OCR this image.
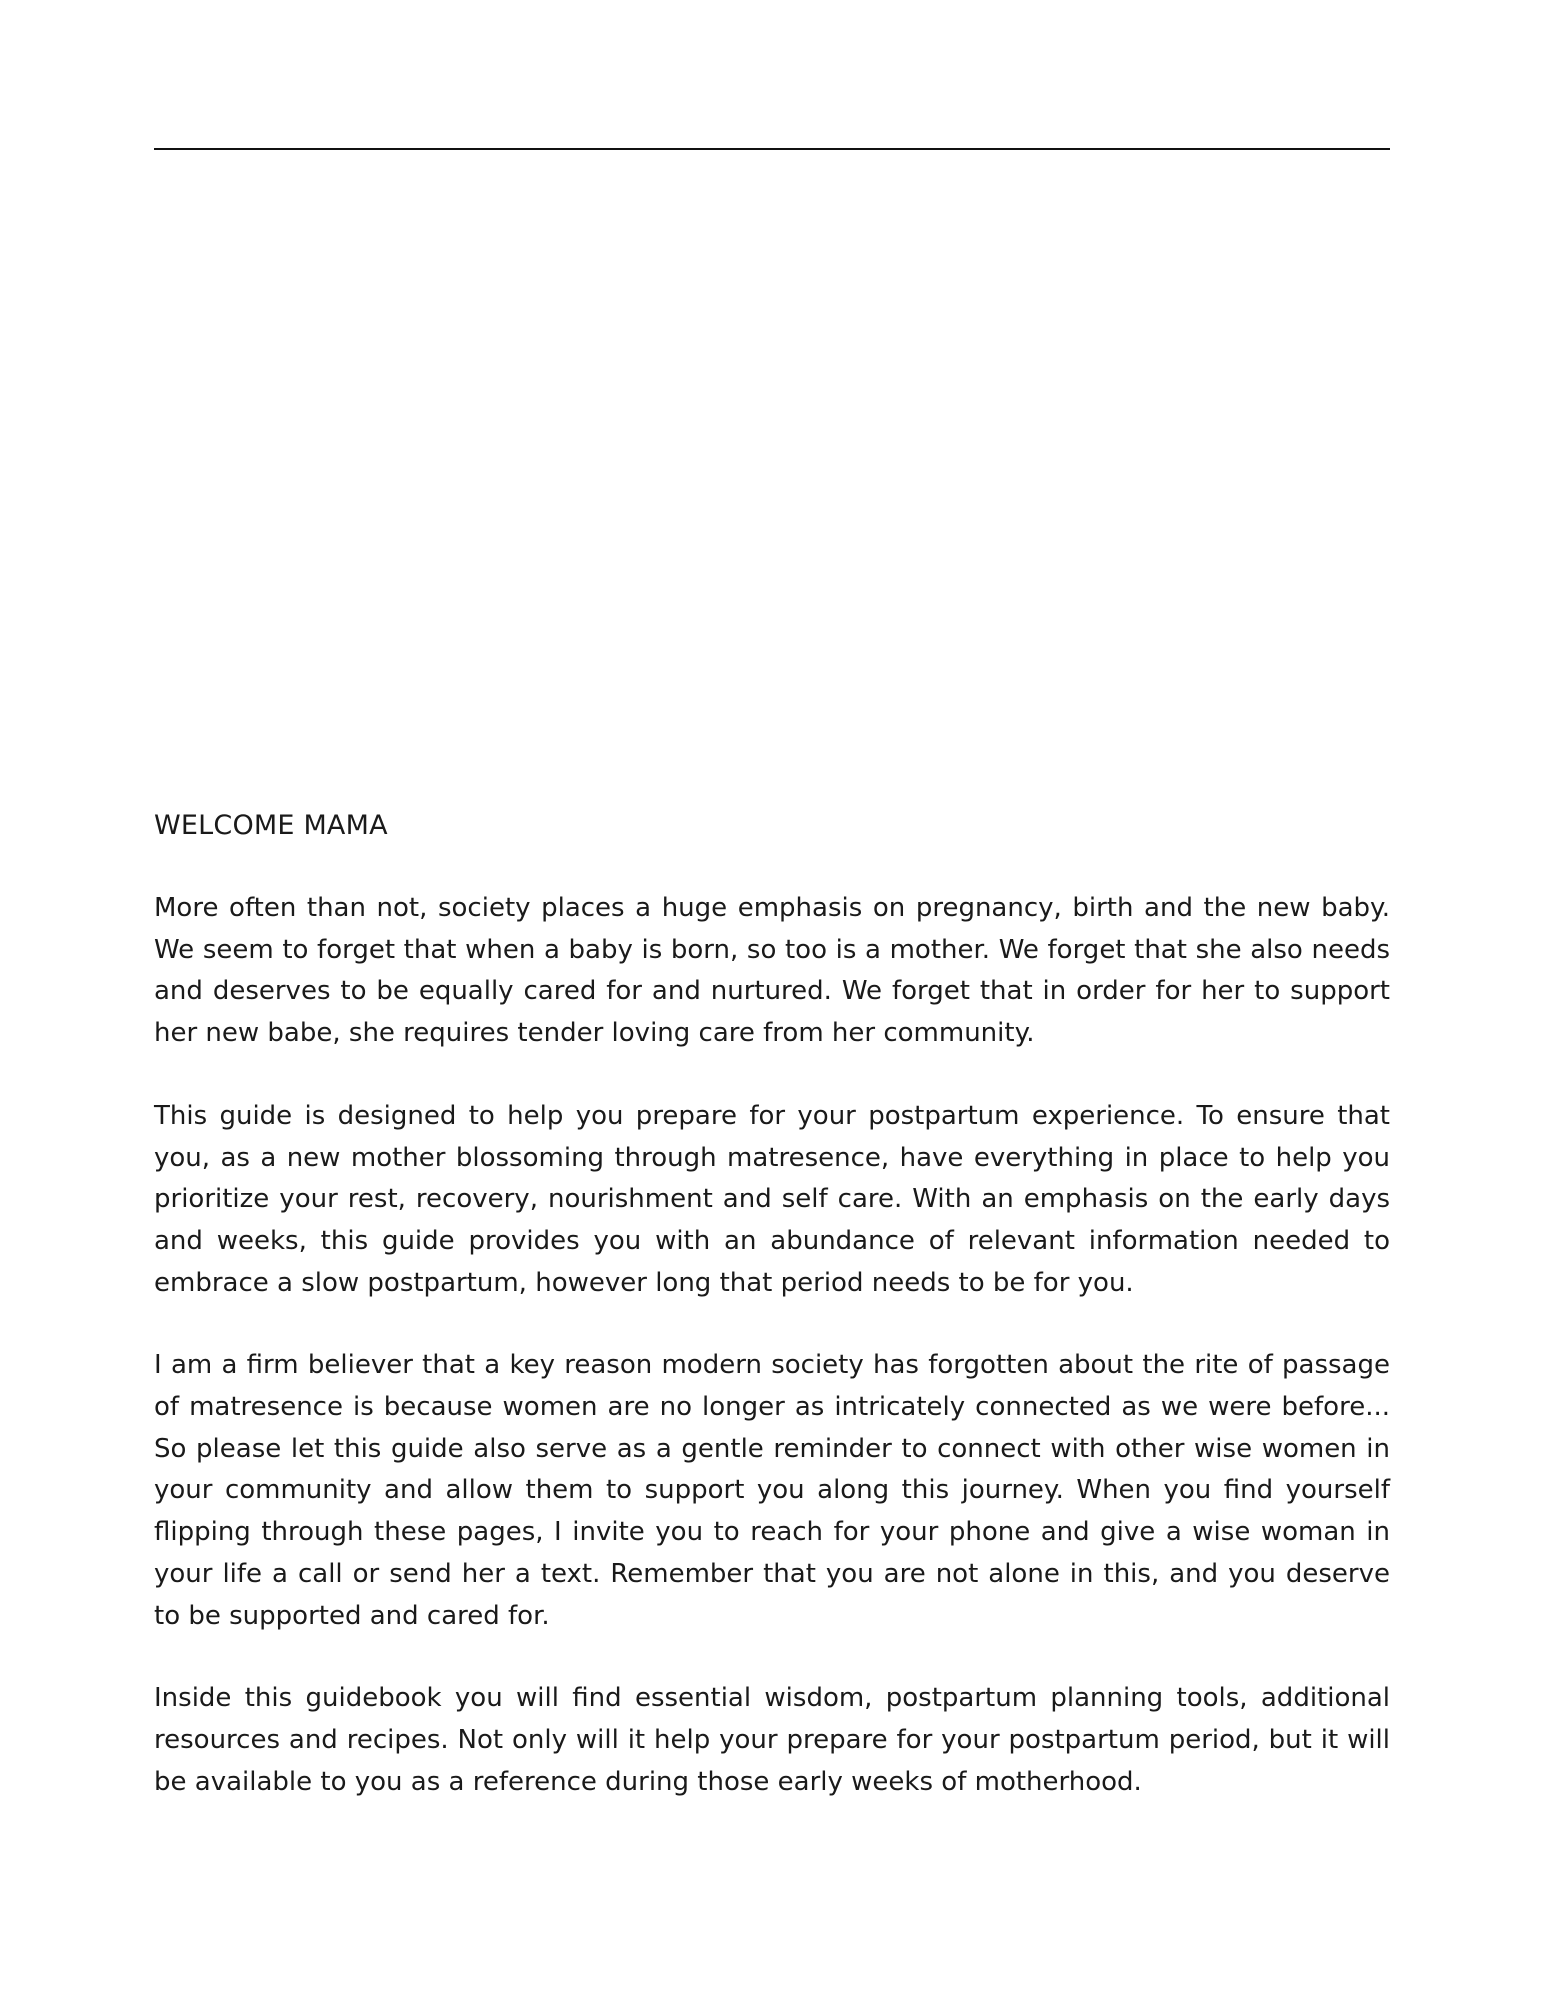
WELCOME MAMA

More often than not, society places a huge emphasis on pregnancy, birth and the new baby. We seem to forget that when a baby is born, so too is a mother. We forget that she also needs and deserves to be equally cared for and nurtured. We forget that in order for her to support her new babe, she requires tender loving care from her community.

This guide is designed to help you prepare for your postpartum experience. To ensure that you, as a new mother blossoming through matresence, have everything in place to help you prioritize your rest, recovery, nourishment and self care. With an emphasis on the early days and weeks, this guide provides you with an abundance of relevant information needed to embrace a slow postpartum, however long that period needs to be for you.

I am a firm believer that a key reason modern society has forgotten about the rite of passage of matresence is because women are no longer as intricately connected as we were before... So please let this guide also serve as a gentle reminder to connect with other wise women in your community and allow them to support you along this journey. When you find yourself flipping through these pages, I invite you to reach for your phone and give a wise woman in your life a call or send her a text. Remember that you are not alone in this, and you deserve to be supported and cared for.

Inside this guidebook you will find essential wisdom, postpartum planning tools, additional resources and recipes. Not only will it help your prepare for your postpartum period, but it will be available to you as a reference during those early weeks of motherhood.
